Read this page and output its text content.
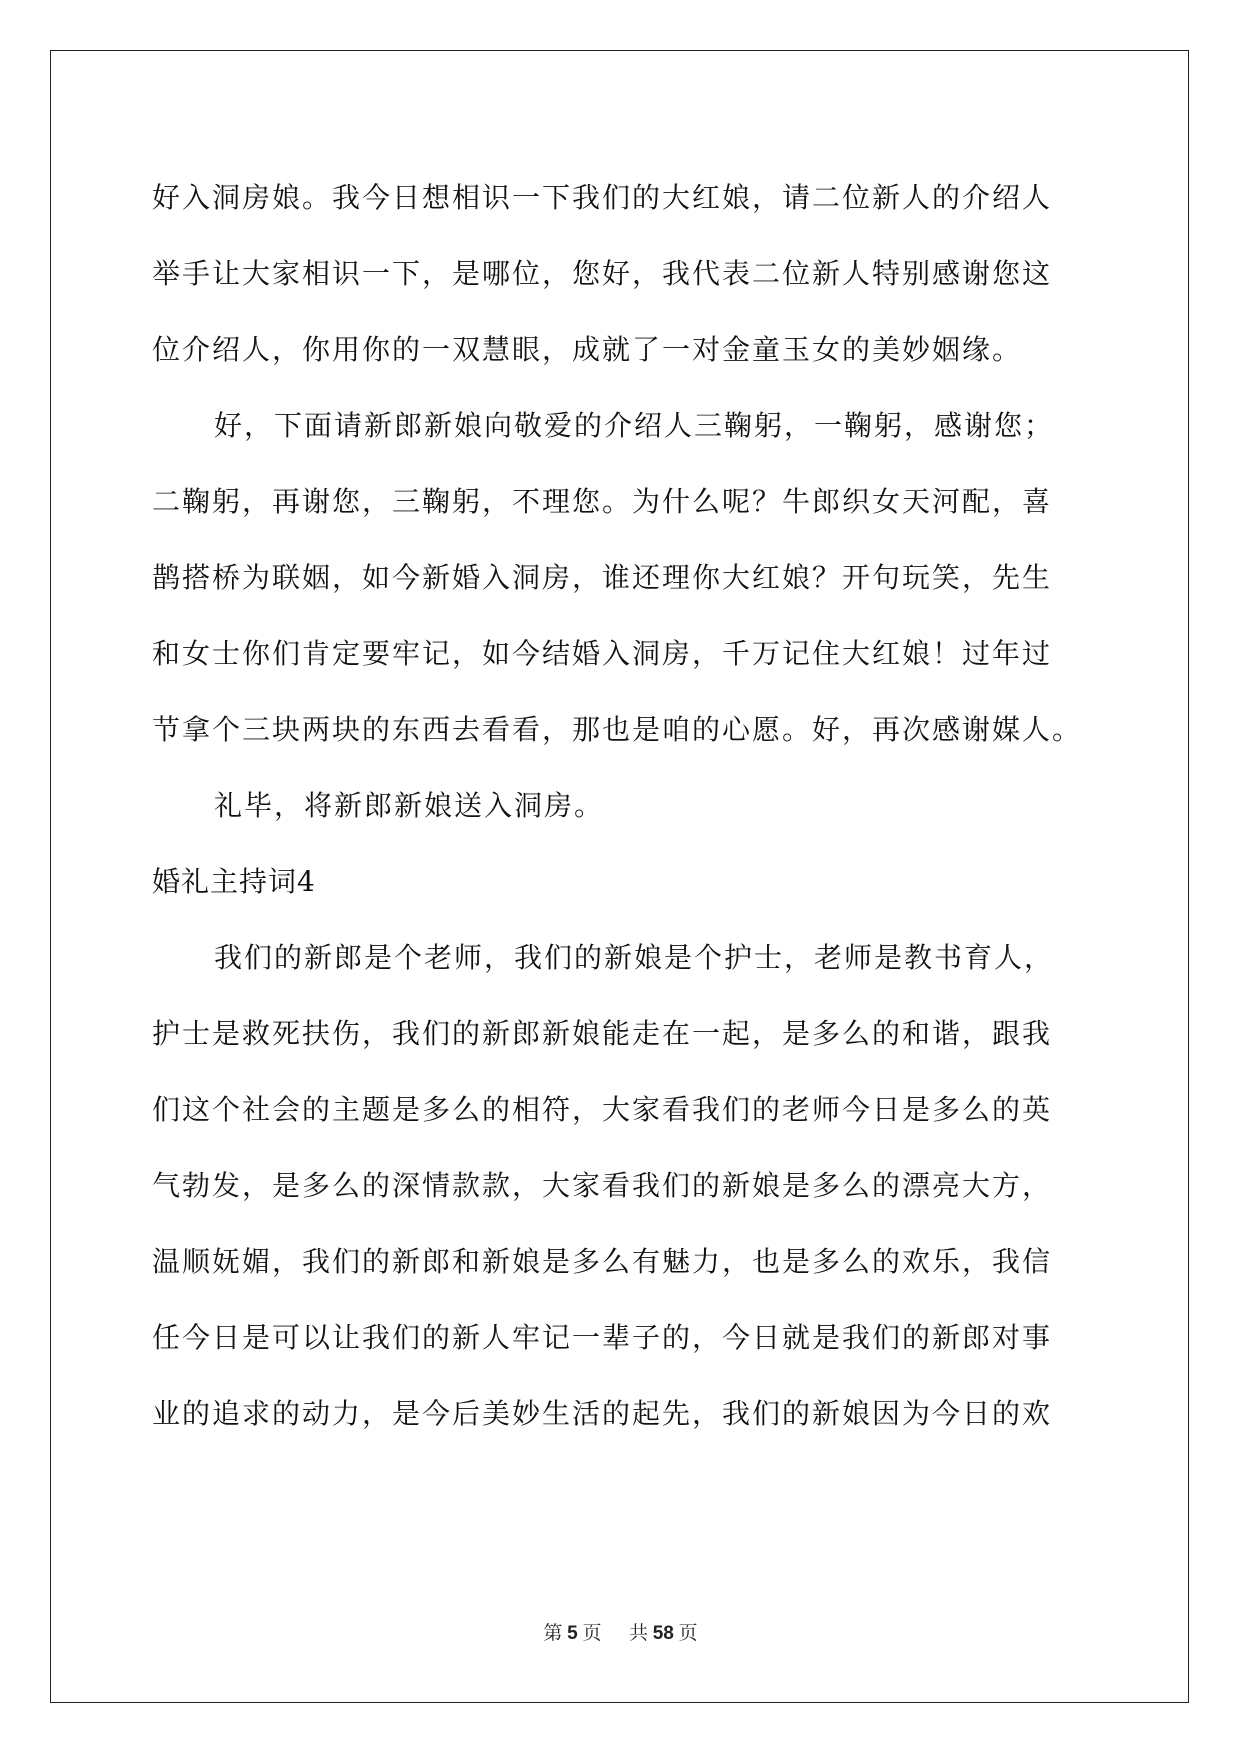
好入洞房娘。我今日想相识一下我们的大红娘，请二位新人的介绍人
举手让大家相识一下，是哪位，您好，我代表二位新人特别感谢您这
位介绍人，你用你的一双慧眼，成就了一对金童玉女的美妙姻缘。
好，下面请新郎新娘向敬爱的介绍人三鞠躬，一鞠躬，感谢您；
二鞠躬，再谢您，三鞠躬，不理您。为什么呢？牛郎织女天河配，喜
鹊搭桥为联姻，如今新婚入洞房，谁还理你大红娘？开句玩笑，先生
和女士你们肯定要牢记，如今结婚入洞房，千万记住大红娘！过年过
节拿个三块两块的东西去看看，那也是咱的心愿。好，再次感谢媒人。
礼毕，将新郎新娘送入洞房。
婚礼主持词4
我们的新郎是个老师，我们的新娘是个护士，老师是教书育人，
护士是救死扶伤，我们的新郎新娘能走在一起，是多么的和谐，跟我
们这个社会的主题是多么的相符，大家看我们的老师今日是多么的英
气勃发，是多么的深情款款，大家看我们的新娘是多么的漂亮大方，
温顺妩媚，我们的新郎和新娘是多么有魅力，也是多么的欢乐，我信
任今日是可以让我们的新人牢记一辈子的，今日就是我们的新郎对事
业的追求的动力，是今后美妙生活的起先，我们的新娘因为今日的欢
第 5 页 共 58 页
